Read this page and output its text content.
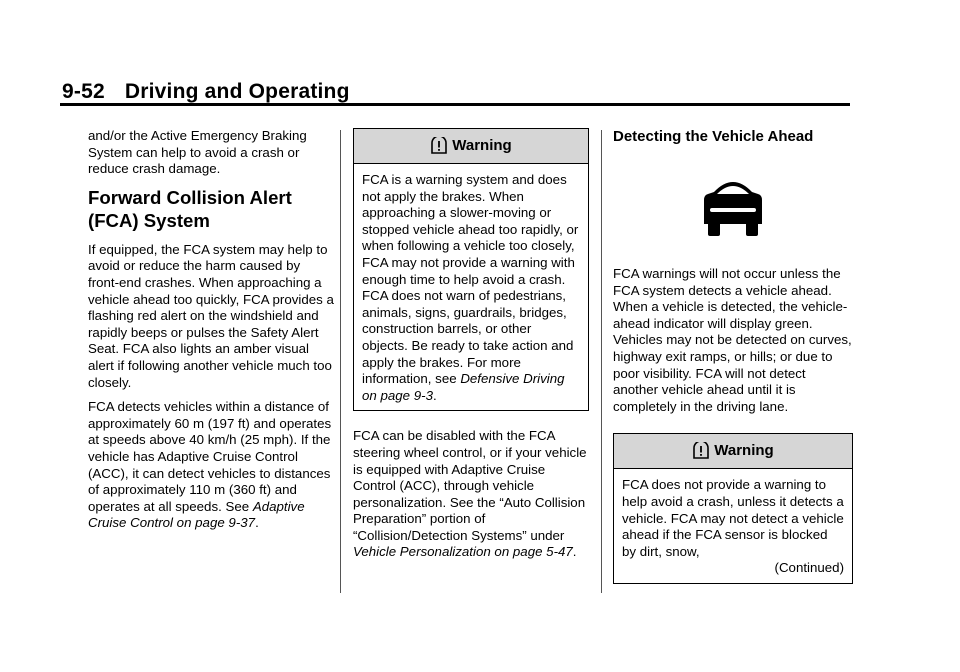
9-52 Driving and Operating

and/or the Active Emergency Braking System can help to avoid a crash or reduce crash damage.

Forward Collision Alert (FCA) System

If equipped, the FCA system may help to avoid or reduce the harm caused by front-end crashes. When approaching a vehicle ahead too quickly, FCA provides a flashing red alert on the windshield and rapidly beeps or pulses the Safety Alert Seat. FCA also lights an amber visual alert if following another vehicle much too closely.

FCA detects vehicles within a distance of approximately 60 m (197 ft) and operates at speeds above 40 km/h (25 mph). If the vehicle has Adaptive Cruise Control (ACC), it can detect vehicles to distances of approximately 110 m (360 ft) and operates at all speeds. See Adaptive Cruise Control on page 9-37.

Warning
FCA is a warning system and does not apply the brakes. When approaching a slower-moving or stopped vehicle ahead too rapidly, or when following a vehicle too closely, FCA may not provide a warning with enough time to help avoid a crash. FCA does not warn of pedestrians, animals, signs, guardrails, bridges, construction barrels, or other objects. Be ready to take action and apply the brakes. For more information, see Defensive Driving on page 9-3.

FCA can be disabled with the FCA steering wheel control, or if your vehicle is equipped with Adaptive Cruise Control (ACC), through vehicle personalization. See the “Auto Collision Preparation” portion of “Collision/Detection Systems” under Vehicle Personalization on page 5-47.

Detecting the Vehicle Ahead

FCA warnings will not occur unless the FCA system detects a vehicle ahead. When a vehicle is detected, the vehicle-ahead indicator will display green. Vehicles may not be detected on curves, highway exit ramps, or hills; or due to poor visibility. FCA will not detect another vehicle ahead until it is completely in the driving lane.

Warning
FCA does not provide a warning to help avoid a crash, unless it detects a vehicle. FCA may not detect a vehicle ahead if the FCA sensor is blocked by dirt, snow,
(Continued)
